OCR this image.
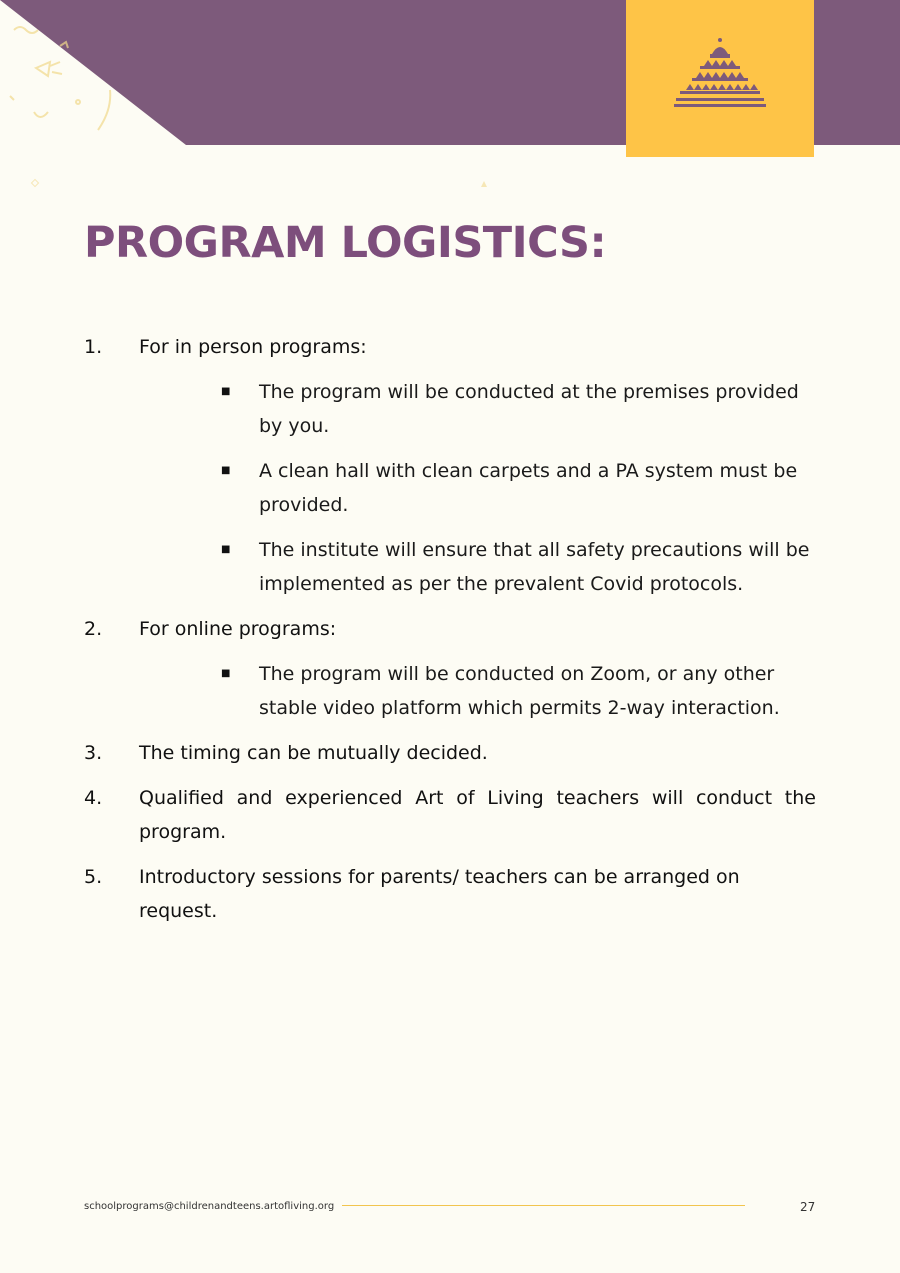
PROGRAM LOGISTICS:
1.	For in person programs:
■	The program will be conducted at the premises provided by you.
■	A clean hall with clean carpets and a PA system must be provided.
■	The institute will ensure that all safety precautions will be implemented as per the prevalent Covid protocols.
2.	For online programs:
■	The program will be conducted on Zoom, or any other stable video platform which permits 2-way interaction.
3.	The timing can be mutually decided.
4.	Qualified and experienced Art of Living teachers will conduct the program.
5.	Introductory sessions for parents/ teachers can be arranged on request.
schoolprograms@childrenandteens.artofliving.org	27
